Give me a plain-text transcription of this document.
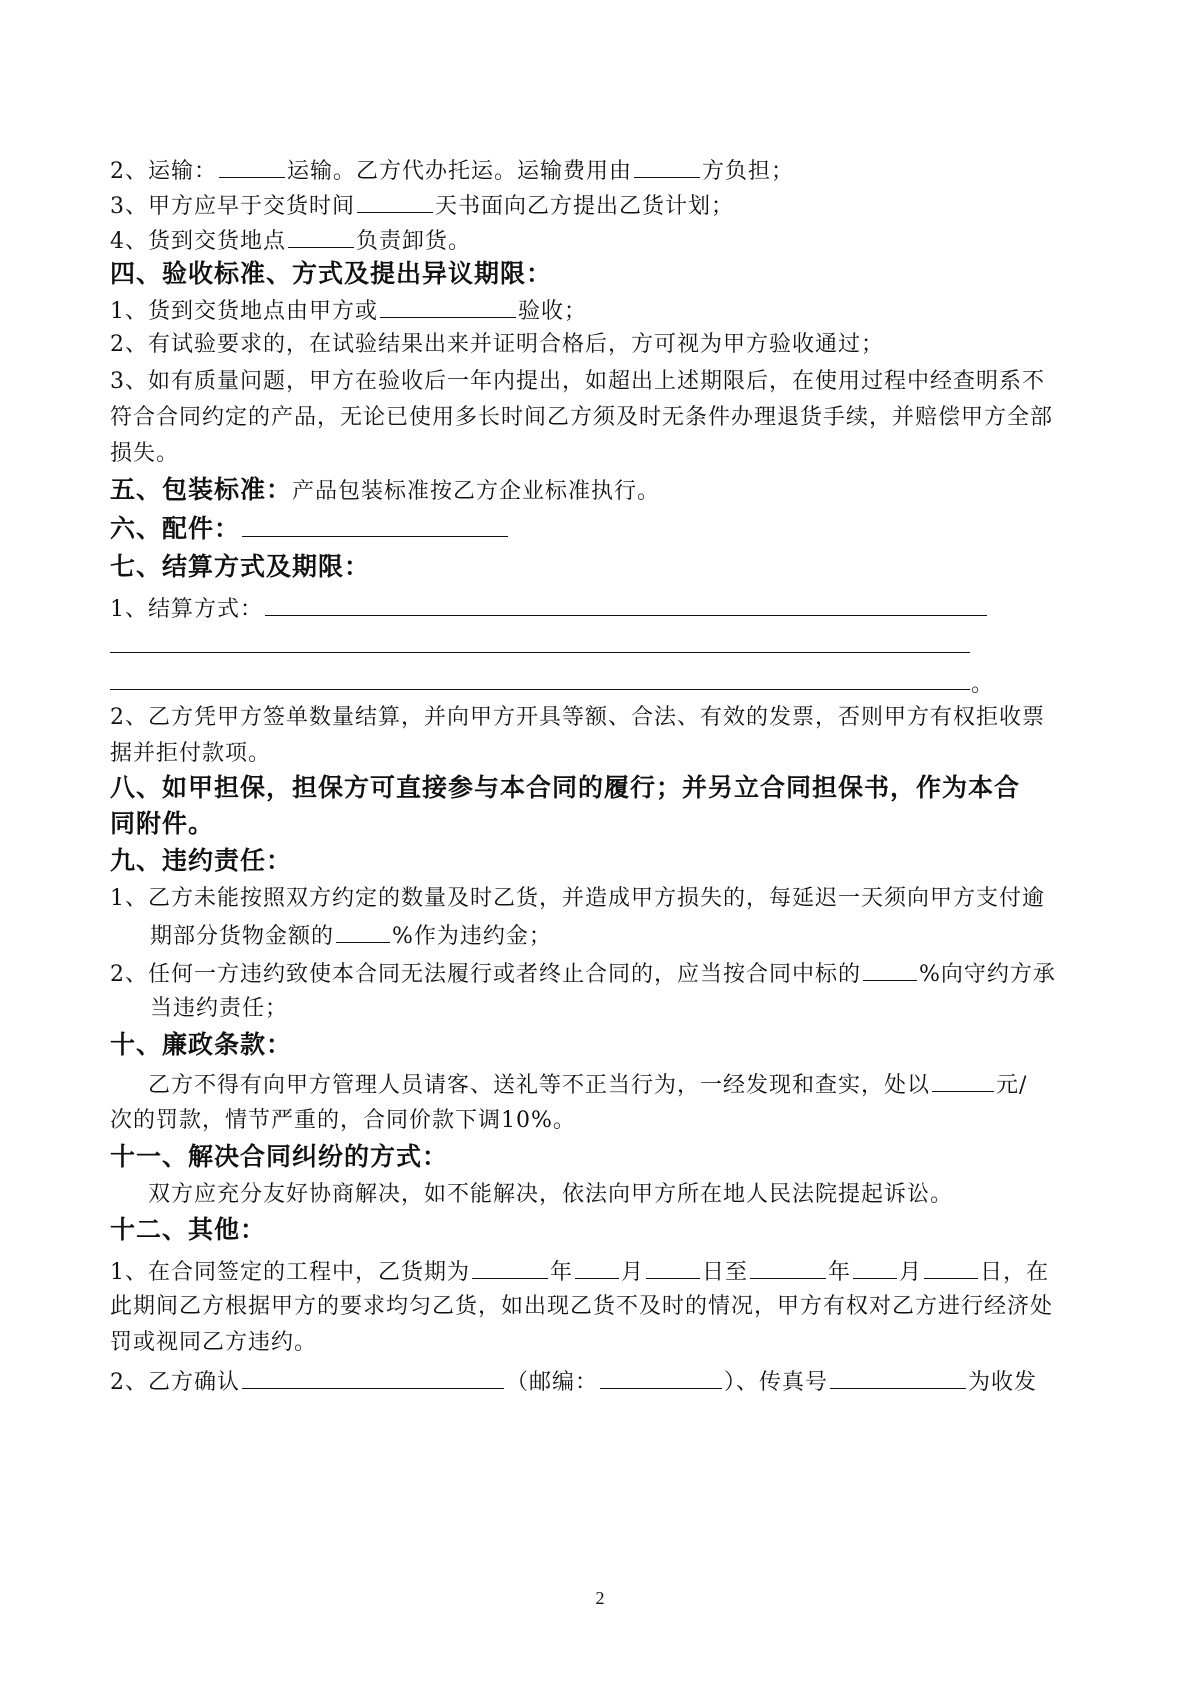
2、运输：	运输。乙方代办托运。运输费用由	方负担；
3、甲方应早于交货时间	天书面向乙方提出乙货计划；
4、货到交货地点	负责卸货。
四、验收标准、方式及提出异议期限：
1、货到交货地点由甲方或	验收；
2、有试验要求的，在试验结果出来并证明合格后，方可视为甲方验收通过；
3、如有质量问题，甲方在验收后一年内提出，如超出上述期限后，在使用过程中经查明系不
符合合同约定的产品，无论已使用多长时间乙方须及时无条件办理退货手续，并赔偿甲方全部
损失。
五、包装标准：产品包装标准按乙方企业标准执行。
六、配件：
七、结算方式及期限：
1、结算方式：
。
2、乙方凭甲方签单数量结算，并向甲方开具等额、合法、有效的发票，否则甲方有权拒收票
据并拒付款项。
八、如甲担保，担保方可直接参与本合同的履行；并另立合同担保书，作为本合
同附件。
九、违约责任：
1、乙方未能按照双方约定的数量及时乙货，并造成甲方损失的，每延迟一天须向甲方支付逾
期部分货物金额的	%作为违约金；
2、任何一方违约致使本合同无法履行或者终止合同的，应当按合同中标的	%向守约方承
当违约责任；
十、廉政条款：
乙方不得有向甲方管理人员请客、送礼等不正当行为，一经发现和查实，处以	元/
次的罚款，情节严重的，合同价款下调10%。
十一、解决合同纠纷的方式：
双方应充分友好协商解决，如不能解决，依法向甲方所在地人民法院提起诉讼。
十二、其他：
1、在合同签定的工程中，乙货期为	年 月	日至	年 月	日，在
此期间乙方根据甲方的要求均匀乙货，如出现乙货不及时的情况，甲方有权对乙方进行经济处
罚或视同乙方违约。
2、乙方确认	（邮编：	）、传真号	为收发
2
